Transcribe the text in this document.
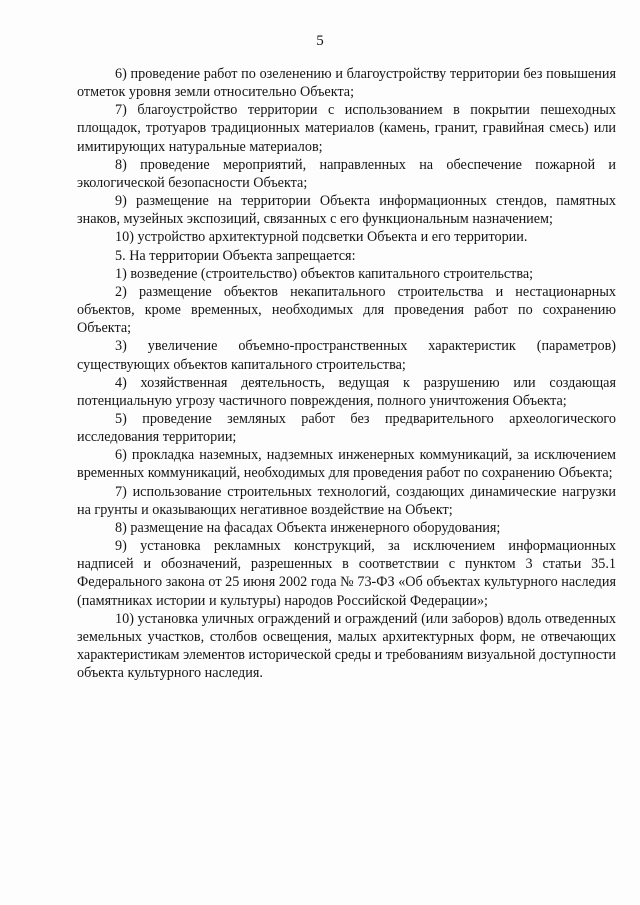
5

6) проведение работ по озеленению и благоустройству территории без повышения отметок уровня земли относительно Объекта;

7) благоустройство территории с использованием в покрытии пешеходных площадок, тротуаров традиционных материалов (камень, гранит, гравийная смесь) или имитирующих натуральные материалов;

8) проведение мероприятий, направленных на обеспечение пожарной и экологической безопасности Объекта;

9) размещение на территории Объекта информационных стендов, памятных знаков, музейных экспозиций, связанных с его функциональным назначением;

10) устройство архитектурной подсветки Объекта и его территории.

5. На территории Объекта запрещается:

1) возведение (строительство) объектов капитального строительства;

2) размещение объектов некапитального строительства и нестационарных объектов, кроме временных, необходимых для проведения работ по сохранению Объекта;

3) увеличение объемно-пространственных характеристик (параметров) существующих объектов капитального строительства;

4) хозяйственная деятельность, ведущая к разрушению или создающая потенциальную угрозу частичного повреждения, полного уничтожения Объекта;

5) проведение земляных работ без предварительного археологического исследования территории;

6) прокладка наземных, надземных инженерных коммуникаций, за исключением временных коммуникаций, необходимых для проведения работ по сохранению Объекта;

7) использование строительных технологий, создающих динамические нагрузки на грунты и оказывающих негативное воздействие на Объект;

8) размещение на фасадах Объекта инженерного оборудования;

9) установка рекламных конструкций, за исключением информационных надписей и обозначений, разрешенных в соответствии с пунктом 3 статьи 35.1 Федерального закона от 25 июня 2002 года № 73-ФЗ «Об объектах культурного наследия (памятниках истории и культуры) народов Российской Федерации»;

10) установка уличных ограждений и ограждений (или заборов) вдоль отведенных земельных участков, столбов освещения, малых архитектурных форм, не отвечающих характеристикам элементов исторической среды и требованиям визуальной доступности объекта культурного наследия.
